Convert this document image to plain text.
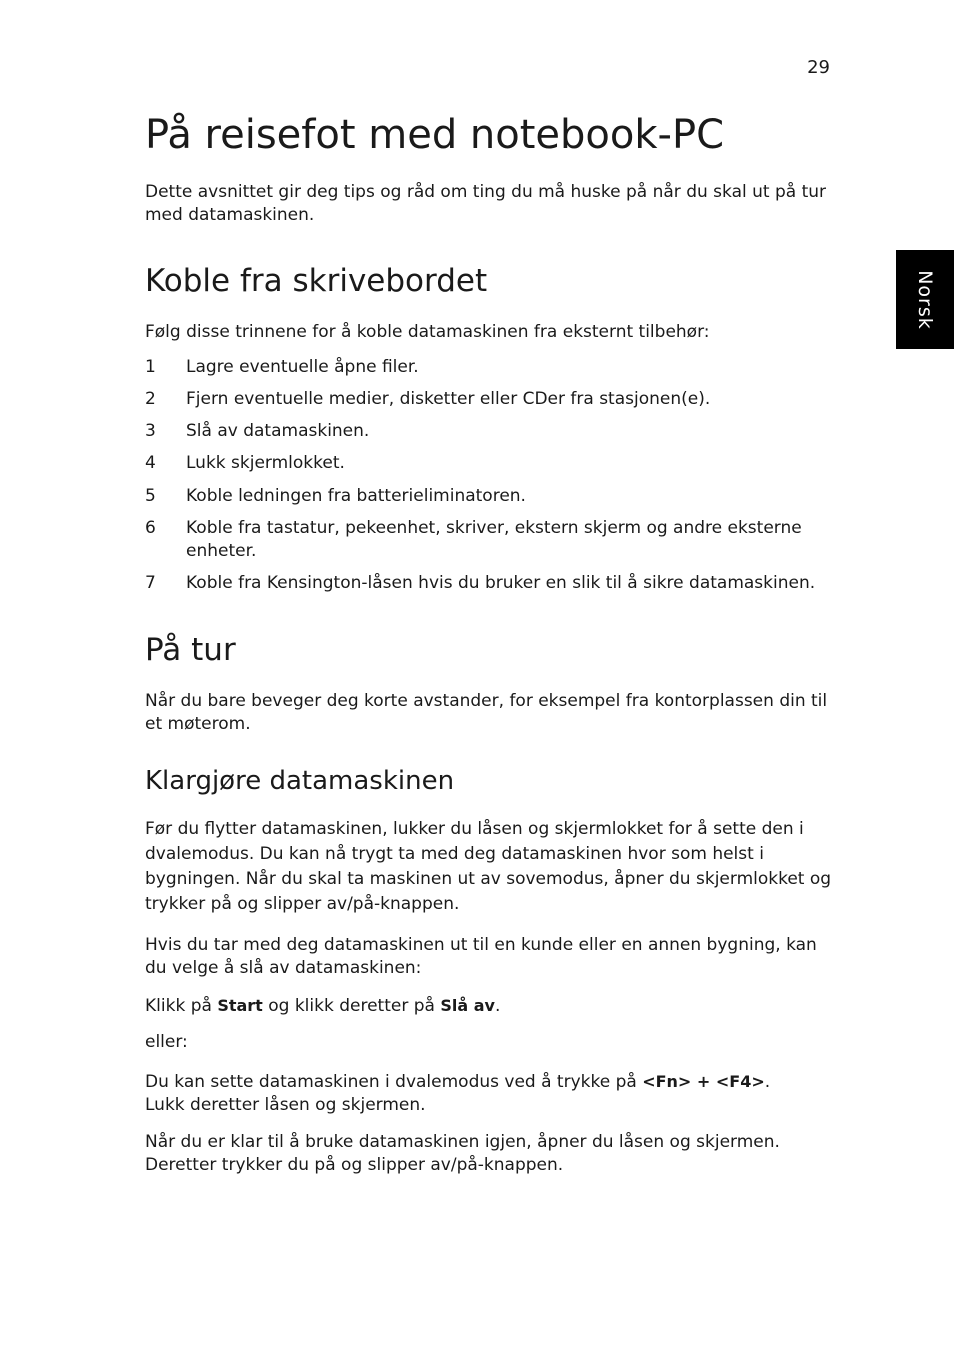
29
Norsk
På reisefot med notebook-PC

Dette avsnittet gir deg tips og råd om ting du må huske på når du skal ut på tur med datamaskinen.

Koble fra skrivebordet

Følg disse trinnene for å koble datamaskinen fra eksternt tilbehør:

1	Lagre eventuelle åpne filer.
2	Fjern eventuelle medier, disketter eller CDer fra stasjonen(e).
3	Slå av datamaskinen.
4	Lukk skjermlokket.
5	Koble ledningen fra batterieliminatoren.
6	Koble fra tastatur, pekeenhet, skriver, ekstern skjerm og andre eksterne enheter.
7	Koble fra Kensington-låsen hvis du bruker en slik til å sikre datamaskinen.
På tur

Når du bare beveger deg korte avstander, for eksempel fra kontorplassen din til et møterom.

Klargjøre datamaskinen

Før du flytter datamaskinen, lukker du låsen og skjermlokket for å sette den i dvalemodus. Du kan nå trygt ta med deg datamaskinen hvor som helst i bygningen. Når du skal ta maskinen ut av sovemodus, åpner du skjermlokket og trykker på og slipper av/på-knappen.

Hvis du tar med deg datamaskinen ut til en kunde eller en annen bygning, kan du velge å slå av datamaskinen:

Klikk på Start og klikk deretter på Slå av.

eller:

Du kan sette datamaskinen i dvalemodus ved å trykke på <Fn> + <F4>.
Lukk deretter låsen og skjermen.

Når du er klar til å bruke datamaskinen igjen, åpner du låsen og skjermen. Deretter trykker du på og slipper av/på-knappen.
